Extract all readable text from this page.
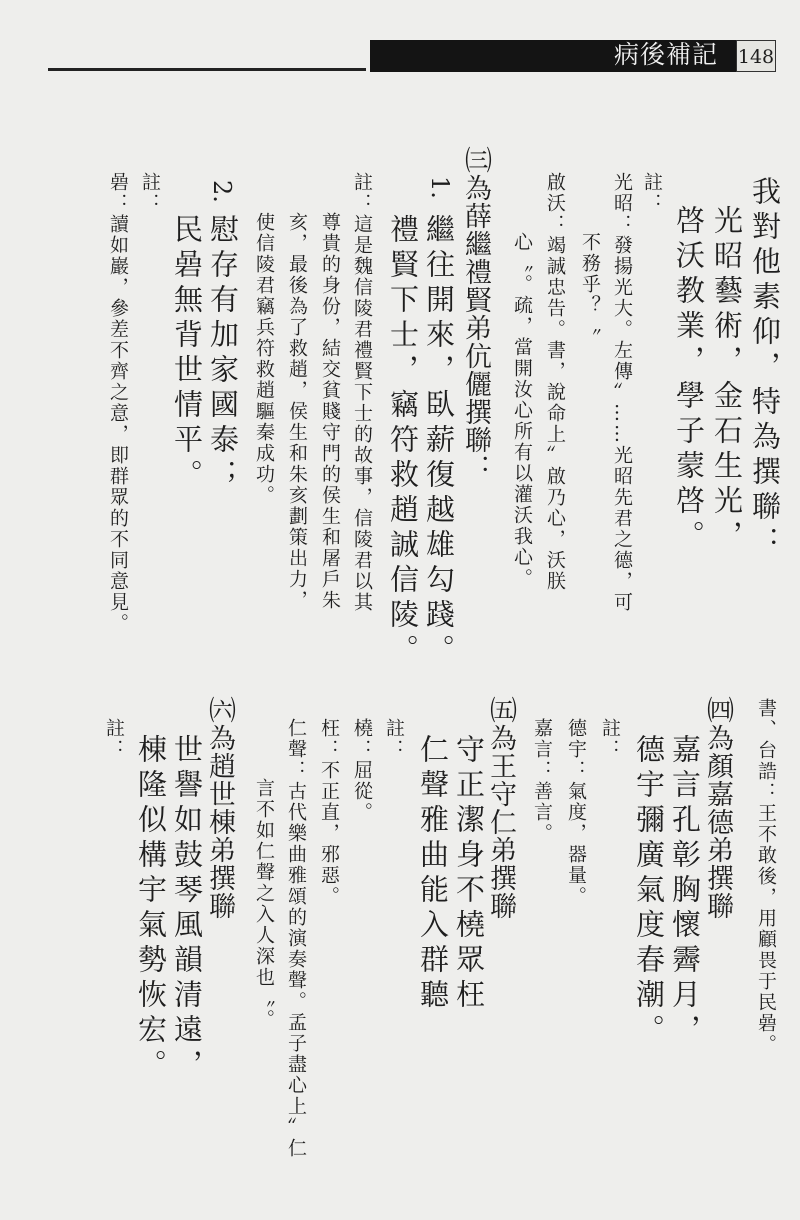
病後補記 148
我對他素仰，特為撰聯：
光昭藝術，金石生光，
啓沃教業，學子蒙啓。
註：
光昭：發揚光大。左傳〞……光昭先君之德，可
不務乎？〝
啟沃：竭誠忠告。書，說命上〞啟乃心，沃朕
心〝。疏，當開汝心所有以灌沃我心。
㈢為薛繼禮賢弟伉儷撰聯：
1.
繼往開來，臥薪復越雄勾踐。
禮賢下士，竊符救趙誠信陵。
註：這是魏信陵君禮賢下士的故事，信陵君以其
尊貴的身份，結交貧賤守門的侯生和屠戶朱
亥，最後為了救趙，侯生和朱亥劃策出力，
使信陵君竊兵符救趙驅秦成功。
2.
慰存有加家國泰；
民碞無背世情平。
註：
碞：讀如巖，參差不齊之意，即群眾的不同意見。
書、台誥：王不敢後，用顧畏于民碞。
㈣為顏嘉德弟撰聯
嘉言孔彰胸懷霽月，
德宇彌廣氣度春潮。
註：
德宇：氣度，器量。
嘉言：善言。
㈤為王守仁弟撰聯
守正潔身不橈眾枉
仁聲雅曲能入群聽
註：
橈：屈從。
枉：不正直，邪惡。
仁聲：古代樂曲雅頌的演奏聲。孟子盡心上〞仁
言不如仁聲之入人深也〝。
㈥為趙世棟弟撰聯
世譽如鼓琴風韻清遠，
棟隆似構宇氣勢恢宏。
註：
